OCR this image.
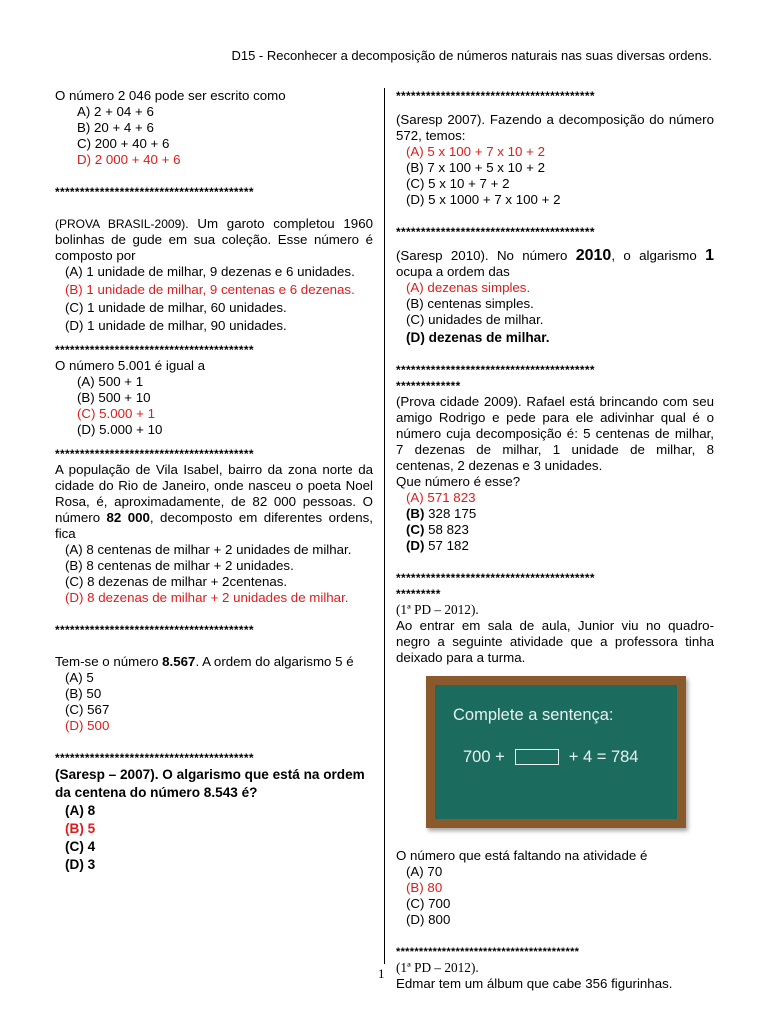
D15 - Reconhecer a decomposição de números naturais nas suas diversas ordens.

O número 2 046 pode ser escrito como

A) 2 + 04 + 6
B) 20 + 4 + 6
C) 200 + 40 + 6
D) 2 000 + 40 + 6

****************************************

(PROVA BRASIL-2009). Um garoto completou 1960 bolinhas de gude em sua coleção. Esse número é composto por

(A) 1 unidade de milhar, 9 dezenas e 6 unidades.
(B) 1 unidade de milhar, 9 centenas e 6 dezenas.
(C) 1 unidade de milhar, 60 unidades.
(D) 1 unidade de milhar, 90 unidades.

****************************************

O número 5.001 é igual a

(A) 500 + 1
(B) 500 + 10
(C) 5.000 + 1
(D) 5.000 + 10

****************************************

A população de Vila Isabel, bairro da zona norte da cidade do Rio de Janeiro, onde nasceu o poeta Noel Rosa, é, aproximadamente, de 82 000 pessoas. O número 82 000, decomposto em diferentes ordens, fica

(A) 8 centenas de milhar + 2 unidades de milhar.
(B) 8 centenas de milhar + 2 unidades.
(C) 8 dezenas de milhar + 2centenas.
(D) 8 dezenas de milhar + 2 unidades de milhar.

****************************************

Tem-se o número 8.567. A ordem do algarismo 5 é

(A) 5
(B) 50
(C) 567
(D) 500

****************************************

(Saresp – 2007). O algarismo que está na ordem da centena do número 8.543 é?

(A) 8
(B) 5
(C) 4
(D) 3

****************************************

(Saresp 2007). Fazendo a decomposição do número 572, temos:

(A) 5 x 100 + 7 x 10 + 2
(B) 7 x 100 + 5 x 10 + 2
(C) 5 x 10 + 7 + 2
(D) 5 x 1000 + 7 x 100 + 2

****************************************

(Saresp 2010). No número 2010, o algarismo 1 ocupa a ordem das

(A) dezenas simples.
(B) centenas simples.
(C) unidades de milhar.
(D) dezenas de milhar.

****************************************

*************

(Prova cidade 2009). Rafael está brincando com seu amigo Rodrigo e pede para ele adivinhar qual é o número cuja decomposição é: 5 centenas de milhar, 7 dezenas de milhar, 1 unidade de milhar, 8 centenas, 2 dezenas e 3 unidades.

Que número é esse?

(A) 571 823
(B) 328 175
(C) 58 823
(D) 57 182

****************************************

*********

(1ª PD – 2012).

Ao entrar em sala de aula, Junior viu no quadro-negro a seguinte atividade que a professora tinha deixado para a turma.

Complete a sentença:
700 +	+ 4 = 784

O número que está faltando na atividade é

(A) 70
(B) 80
(C) 700
(D) 800

****************************************

(1ª PD – 2012).

Edmar tem um álbum que cabe 356 figurinhas.

1
